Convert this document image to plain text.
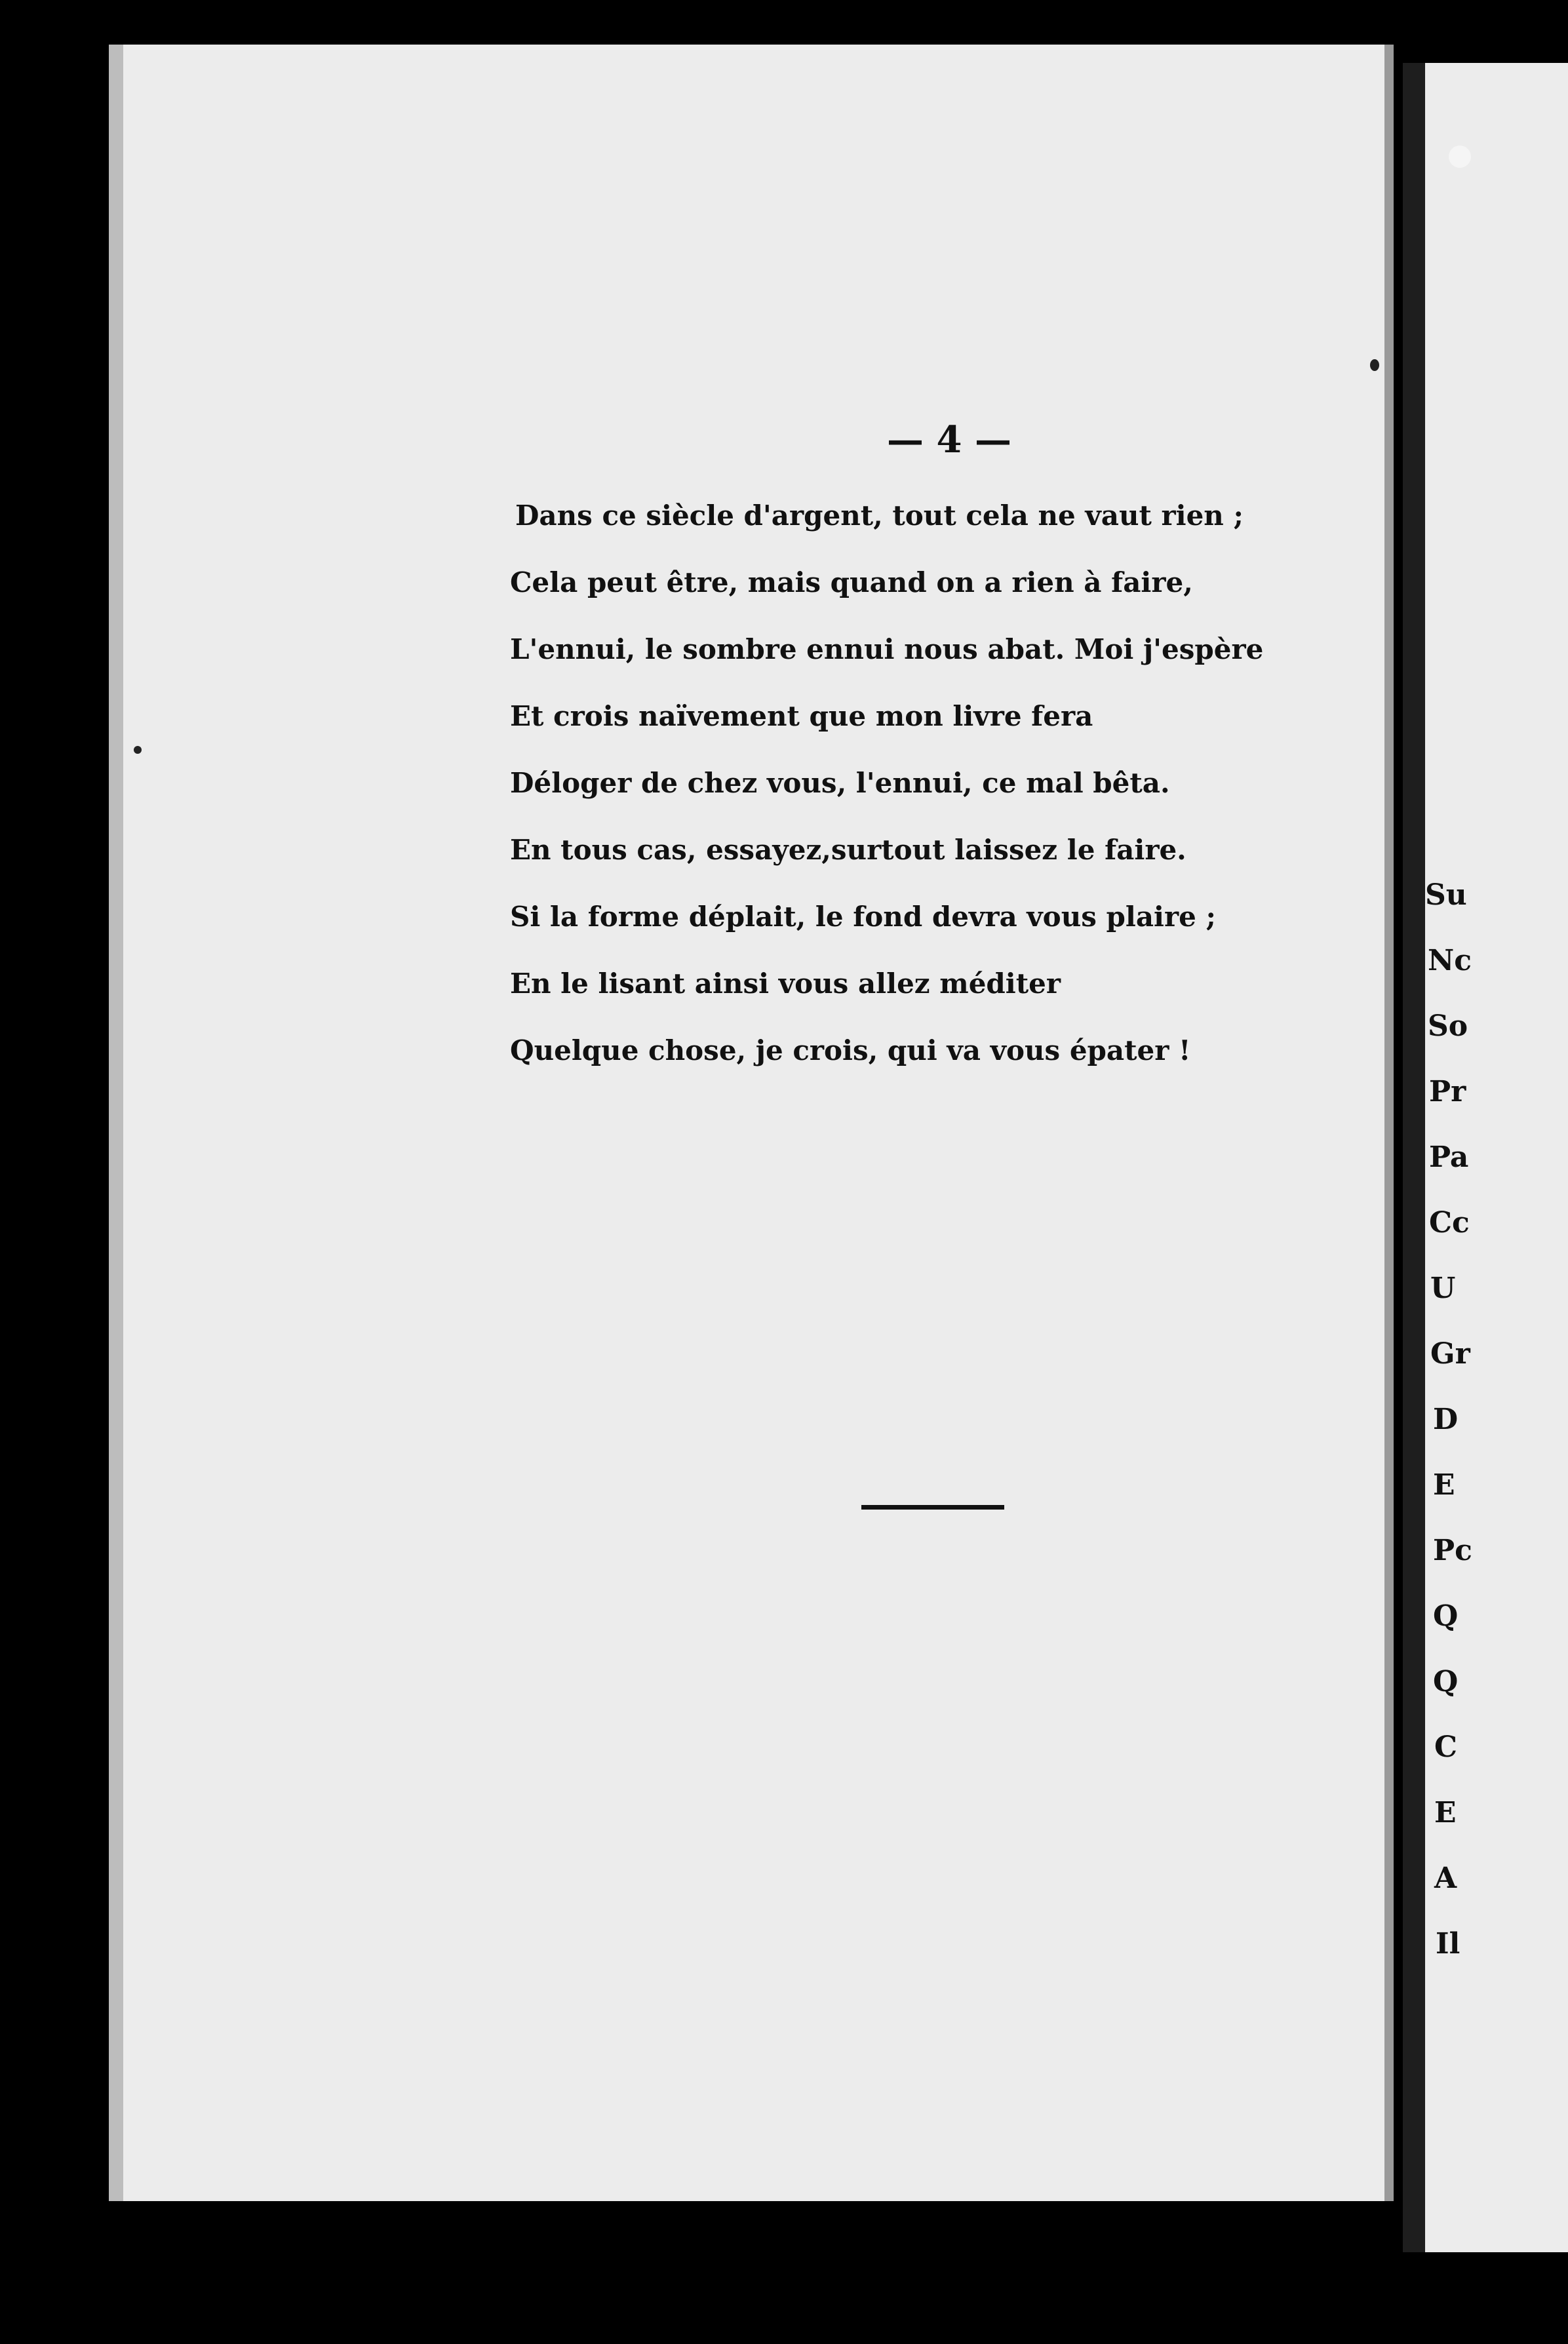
— 4 —
Dans ce siècle d'argent, tout cela ne vaut rien ;
Cela peut être, mais quand on a rien à faire,
L'ennui, le sombre ennui nous abat. Moi j'espère
Et crois naïvement que mon livre fera
Déloger de chez vous, l'ennui, ce mal bêta.
En tous cas, essayez,surtout laissez le faire.
Si la forme déplait, le fond devra vous plaire ;
En le lisant ainsi vous allez méditer
Quelque chose, je crois, qui va vous épater !
Su
Nc
So
Pr
Pa
Cc
U
Gr
D
E
Pc
Q
Q
C
E
A
Il
